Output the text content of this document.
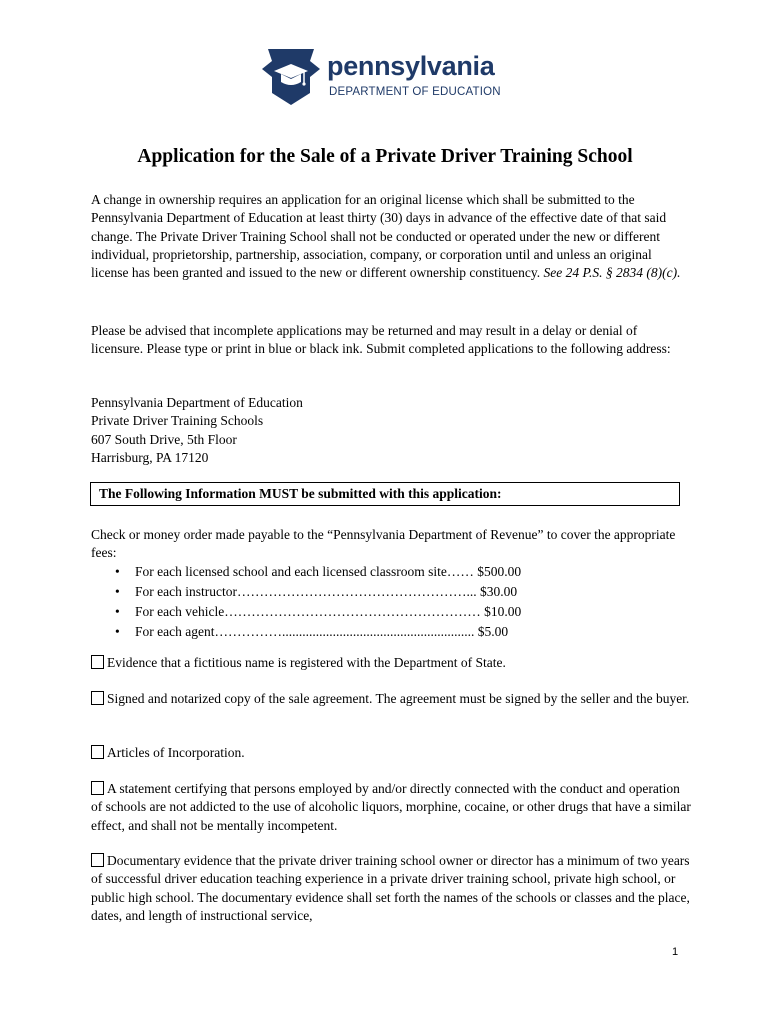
pennsylvania
DEPARTMENT OF EDUCATION
Application for the Sale of a Private Driver Training School

A change in ownership requires an application for an original license which shall be submitted to the Pennsylvania Department of Education at least thirty (30) days in advance of the effective date of that said change. The Private Driver Training School shall not be conducted or operated under the new or different individual, proprietorship, partnership, association, company, or corporation until and unless an original license has been granted and issued to the new or different ownership constituency. See 24 P.S. § 2834 (8)(c).

Please be advised that incomplete applications may be returned and may result in a delay or denial of licensure. Please type or print in blue or black ink. Submit completed applications to the following address:

Pennsylvania Department of Education
Private Driver Training Schools
607 South Drive, 5th Floor
Harrisburg, PA 17120
The Following Information MUST be submitted with this application:
Check or money order made payable to the “Pennsylvania Department of Revenue” to cover the appropriate fees:
• For each licensed school and each licensed classroom site…… $500.00
• For each instructor……………………………………………... $30.00
• For each vehicle………………………………………………… $10.00
• For each agent……………......................................................... $5.00
Evidence that a fictitious name is registered with the Department of State.
Signed and notarized copy of the sale agreement. The agreement must be signed by the seller and the buyer.
Articles of Incorporation.
A statement certifying that persons employed by and/or directly connected with the conduct and operation of schools are not addicted to the use of alcoholic liquors, morphine, cocaine, or other drugs that have a similar effect, and shall not be mentally incompetent.
Documentary evidence that the private driver training school owner or director has a minimum of two years of successful driver education teaching experience in a private driver training school, private high school, or public high school. The documentary evidence shall set forth the names of the schools or classes and the place, dates, and length of instructional service,
1
